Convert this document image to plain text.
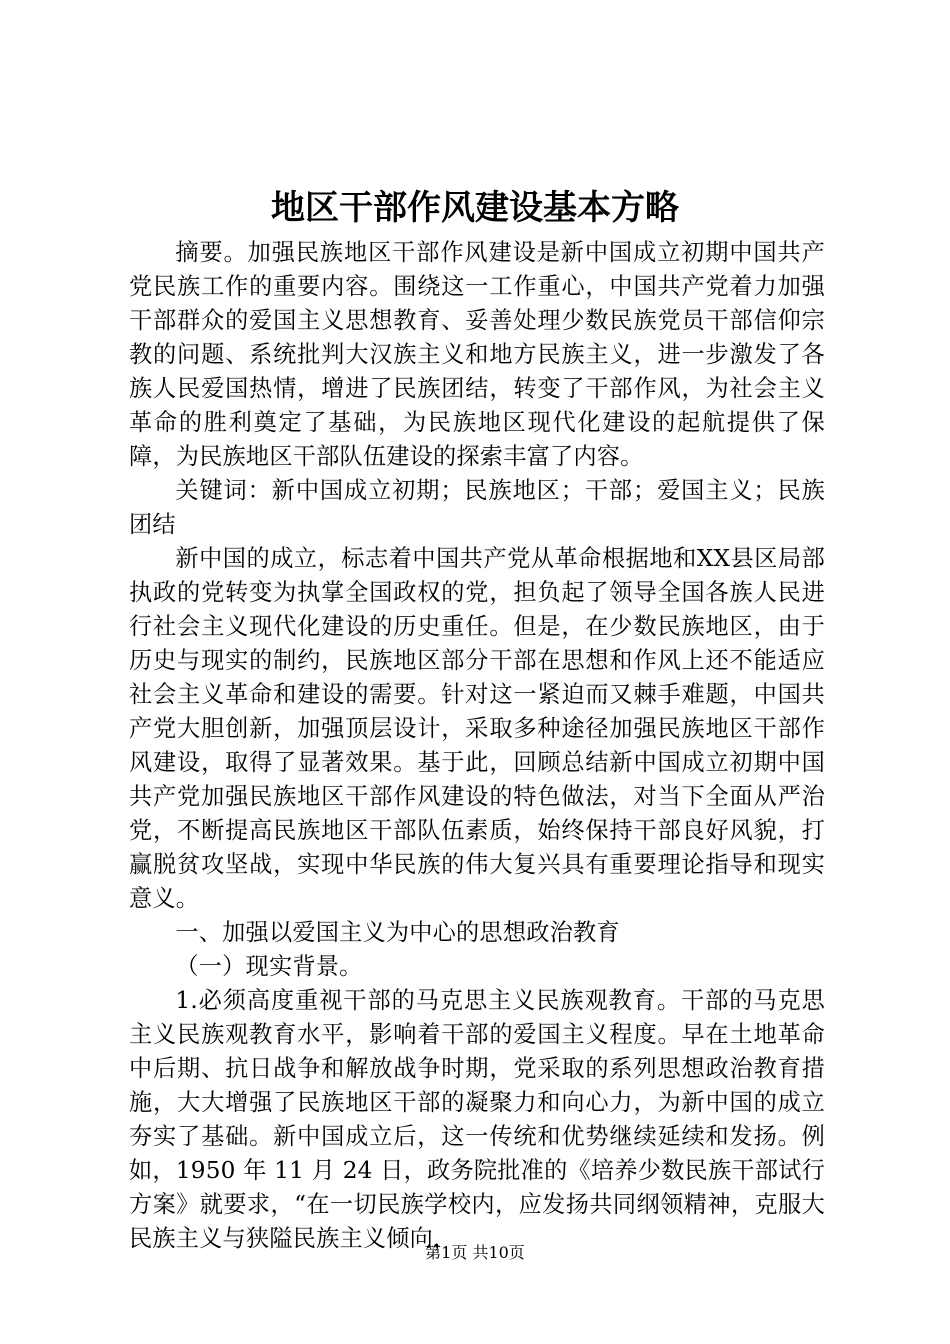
地区干部作风建设基本方略

摘要。加强民族地区干部作风建设是新中国成立初期中国共产党民族工作的重要内容。围绕这一工作重心，中国共产党着力加强干部群众的爱国主义思想教育、妥善处理少数民族党员干部信仰宗教的问题、系统批判大汉族主义和地方民族主义，进一步激发了各族人民爱国热情，增进了民族团结，转变了干部作风，为社会主义革命的胜利奠定了基础，为民族地区现代化建设的起航提供了保障，为民族地区干部队伍建设的探索丰富了内容。

关键词：新中国成立初期；民族地区；干部；爱国主义；民族团结

新中国的成立，标志着中国共产党从革命根据地和XX县区局部执政的党转变为执掌全国政权的党，担负起了领导全国各族人民进行社会主义现代化建设的历史重任。但是，在少数民族地区，由于历史与现实的制约，民族地区部分干部在思想和作风上还不能适应社会主义革命和建设的需要。针对这一紧迫而又棘手难题，中国共产党大胆创新，加强顶层设计，采取多种途径加强民族地区干部作风建设，取得了显著效果。基于此，回顾总结新中国成立初期中国共产党加强民族地区干部作风建设的特色做法，对当下全面从严治党，不断提高民族地区干部队伍素质，始终保持干部良好风貌，打赢脱贫攻坚战，实现中华民族的伟大复兴具有重要理论指导和现实意义。

一、加强以爱国主义为中心的思想政治教育

（一）现实背景。

1.必须高度重视干部的马克思主义民族观教育。干部的马克思主义民族观教育水平，影响着干部的爱国主义程度。早在土地革命中后期、抗日战争和解放战争时期，党采取的系列思想政治教育措施，大大增强了民族地区干部的凝聚力和向心力，为新中国的成立夯实了基础。新中国成立后，这一传统和优势继续延续和发扬。例如，1950 年 11 月 24 日，政务院批准的《培养少数民族干部试行方案》就要求，“在一切民族学校内，应发扬共同纲领精神，克服大民族主义与狭隘民族主义倾向，

第1页 共10页
